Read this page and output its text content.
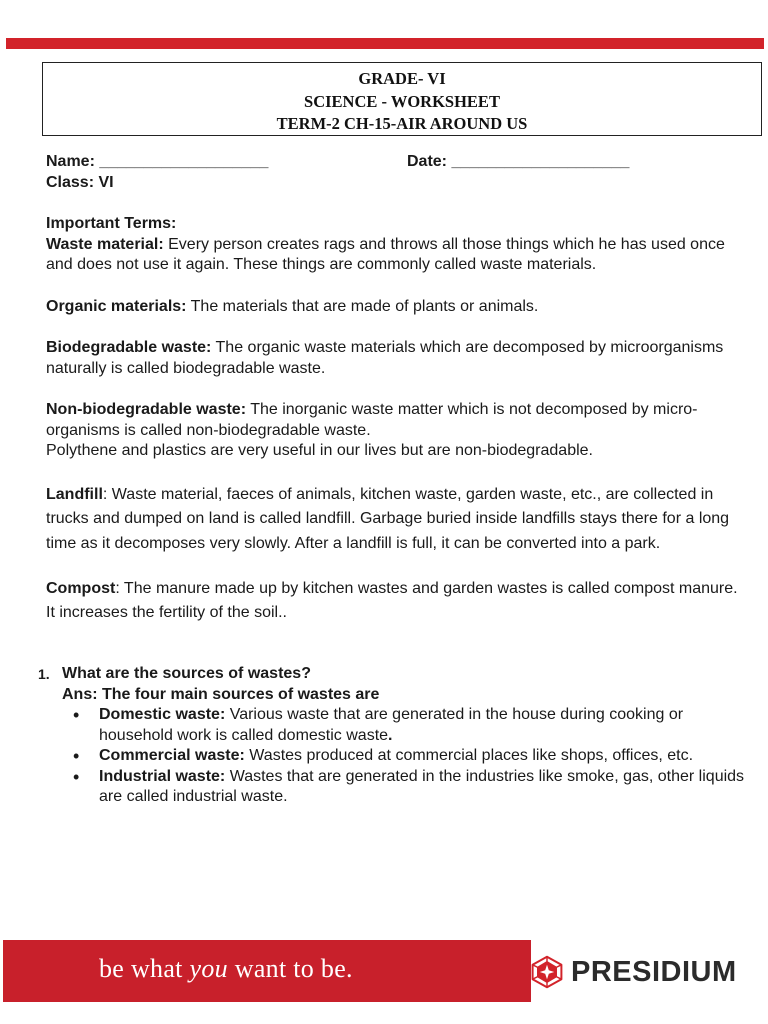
GRADE- VI
SCIENCE - WORKSHEET
TERM-2 CH-15-AIR AROUND US
Name: ___________________	Date: ____________________
Class: VI
Important Terms:

Waste material: Every person creates rags and throws all those things which he has used once and does not use it again. These things are commonly called waste materials.

Organic materials: The materials that are made of plants or animals.

Biodegradable waste: The organic waste materials which are decomposed by microorganisms naturally is called biodegradable waste.

Non-biodegradable waste: The inorganic waste matter which is not decomposed by micro-organisms is called non-biodegradable waste.

Polythene and plastics are very useful in our lives but are non-biodegradable.

Landfill: Waste material, faeces of animals, kitchen waste, garden waste, etc., are collected in trucks and dumped on land is called landfill. Garbage buried inside landfills stays there for a long time as it decomposes very slowly. After a landfill is full, it can be converted into a park.

Compost: The manure made up by kitchen wastes and garden wastes is called compost manure. It increases the fertility of the soil..

1. What are the sources of wastes?
Ans: The four main sources of wastes are
• Domestic waste: Various waste that are generated in the house during cooking or household work is called domestic waste.
• Commercial waste: Wastes produced at commercial places like shops, offices, etc.
• Industrial waste: Wastes that are generated in the industries like smoke, gas, other liquids are called industrial waste.
be what you want to be.	PRESIDIUM
